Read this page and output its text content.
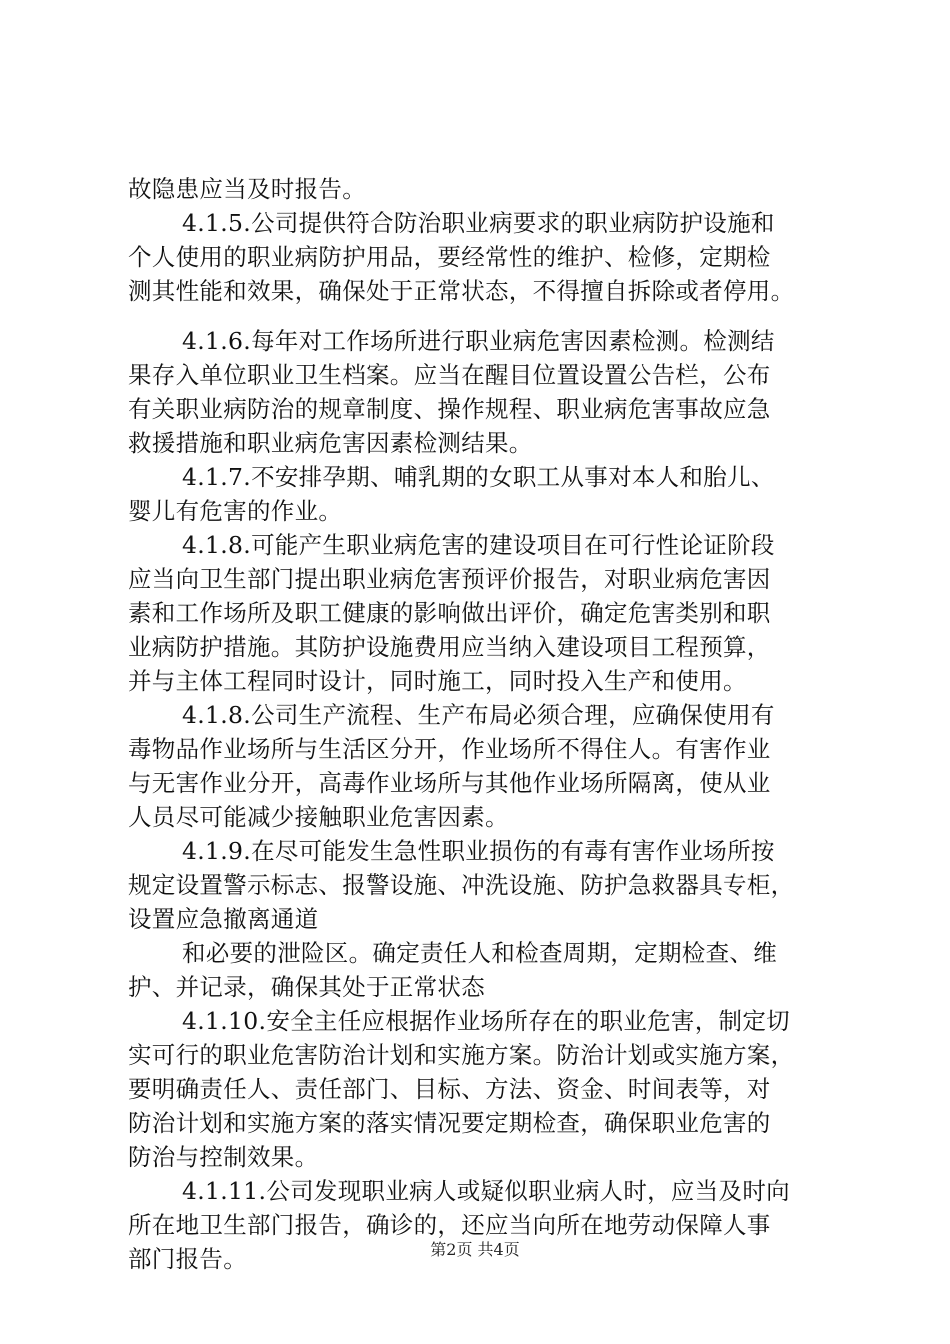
故隐患应当及时报告。
4.1.5.公司提供符合防治职业病要求的职业病防护设施和
个人使用的职业病防护用品，要经常性的维护、检修，定期检
测其性能和效果，确保处于正常状态，不得擅自拆除或者停用。
4.1.6.每年对工作场所进行职业病危害因素检测。检测结
果存入单位职业卫生档案。应当在醒目位置设置公告栏，公布
有关职业病防治的规章制度、操作规程、职业病危害事故应急
救援措施和职业病危害因素检测结果。
4.1.7.不安排孕期、哺乳期的女职工从事对本人和胎儿、
婴儿有危害的作业。
4.1.8.可能产生职业病危害的建设项目在可行性论证阶段
应当向卫生部门提出职业病危害预评价报告，对职业病危害因
素和工作场所及职工健康的影响做出评价，确定危害类别和职
业病防护措施。其防护设施费用应当纳入建设项目工程预算，
并与主体工程同时设计，同时施工，同时投入生产和使用。
4.1.8.公司生产流程、生产布局必须合理，应确保使用有
毒物品作业场所与生活区分开，作业场所不得住人。有害作业
与无害作业分开，高毒作业场所与其他作业场所隔离，使从业
人员尽可能减少接触职业危害因素。
4.1.9.在尽可能发生急性职业损伤的有毒有害作业场所按
规定设置警示标志、报警设施、冲洗设施、防护急救器具专柜，
设置应急撤离通道
和必要的泄险区。确定责任人和检查周期，定期检查、维
护、并记录，确保其处于正常状态
4.1.10.安全主任应根据作业场所存在的职业危害，制定切
实可行的职业危害防治计划和实施方案。防治计划或实施方案，
要明确责任人、责任部门、目标、方法、资金、时间表等，对
防治计划和实施方案的落实情况要定期检查，确保职业危害的
防治与控制效果。
4.1.11.公司发现职业病人或疑似职业病人时，应当及时向
所在地卫生部门报告，确诊的，还应当向所在地劳动保障人事
部门报告。	第2页 共4页
